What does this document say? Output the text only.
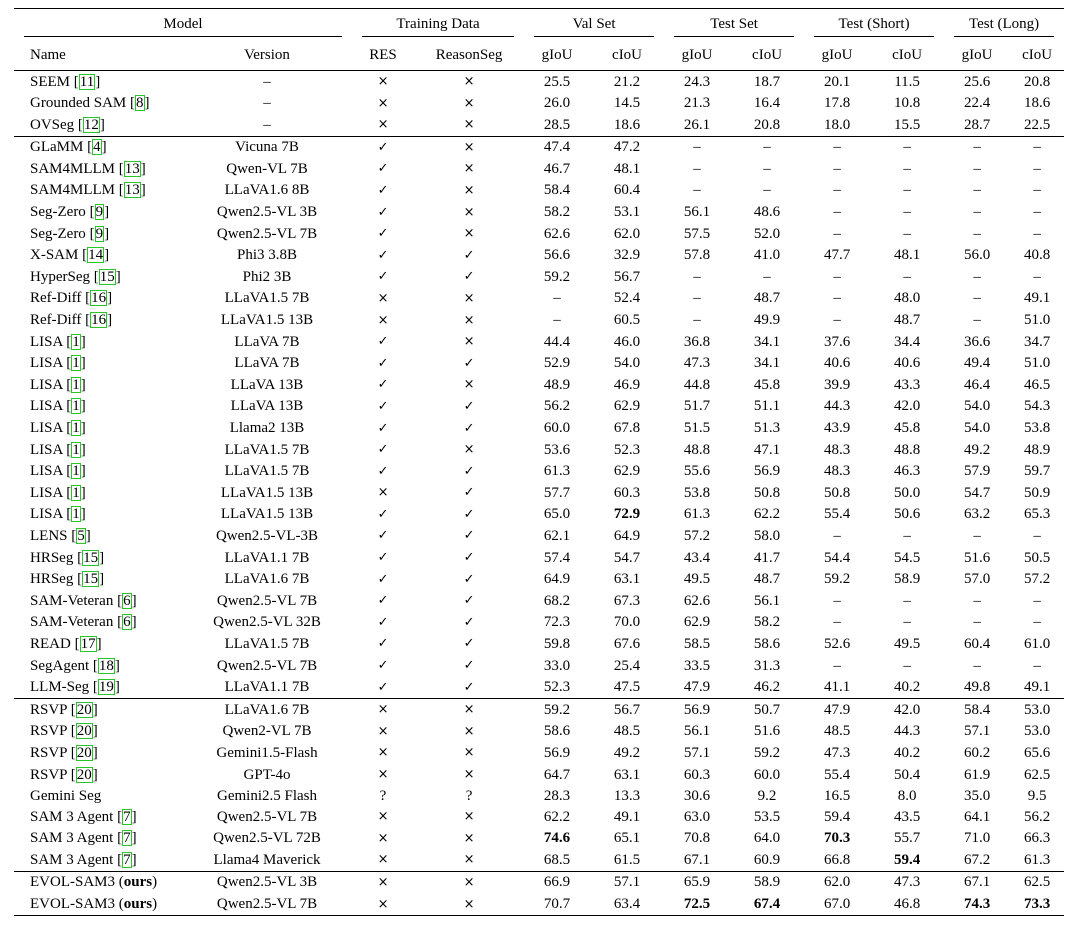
Model		Training Data		Val Set		Test Set		Test (Short)		Test (Long)	
Name	Version	RES	ReasonSeg	gIoU	cIoU	gIoU	cIoU	gIoU	cIoU	gIoU	cIoU
SEEM [11]	–	×	×	25.5	21.2	24.3	18.7	20.1	11.5	25.6	20.8
Grounded SAM [8]	–	×	×	26.0	14.5	21.3	16.4	17.8	10.8	22.4	18.6
OVSeg [12]	–	×	×	28.5	18.6	26.1	20.8	18.0	15.5	28.7	22.5
GLaMM [4]	Vicuna 7B	✓	×	47.4	47.2	–	–	–	–	–	–
SAM4MLLM [13]	Qwen-VL 7B	✓	×	46.7	48.1	–	–	–	–	–	–
SAM4MLLM [13]	LLaVA1.6 8B	✓	×	58.4	60.4	–	–	–	–	–	–
Seg-Zero [9]	Qwen2.5-VL 3B	✓	×	58.2	53.1	56.1	48.6	–	–	–	–
Seg-Zero [9]	Qwen2.5-VL 7B	✓	×	62.6	62.0	57.5	52.0	–	–	–	–
X-SAM [14]	Phi3 3.8B	✓	✓	56.6	32.9	57.8	41.0	47.7	48.1	56.0	40.8
HyperSeg [15]	Phi2 3B	✓	✓	59.2	56.7	–	–	–	–	–	–
Ref-Diff [16]	LLaVA1.5 7B	×	×	–	52.4	–	48.7	–	48.0	–	49.1
Ref-Diff [16]	LLaVA1.5 13B	×	×	–	60.5	–	49.9	–	48.7	–	51.0
LISA [1]	LLaVA 7B	✓	×	44.4	46.0	36.8	34.1	37.6	34.4	36.6	34.7
LISA [1]	LLaVA 7B	✓	✓	52.9	54.0	47.3	34.1	40.6	40.6	49.4	51.0
LISA [1]	LLaVA 13B	✓	×	48.9	46.9	44.8	45.8	39.9	43.3	46.4	46.5
LISA [1]	LLaVA 13B	✓	✓	56.2	62.9	51.7	51.1	44.3	42.0	54.0	54.3
LISA [1]	Llama2 13B	✓	✓	60.0	67.8	51.5	51.3	43.9	45.8	54.0	53.8
LISA [1]	LLaVA1.5 7B	✓	×	53.6	52.3	48.8	47.1	48.3	48.8	49.2	48.9
LISA [1]	LLaVA1.5 7B	✓	✓	61.3	62.9	55.6	56.9	48.3	46.3	57.9	59.7
LISA [1]	LLaVA1.5 13B	×	✓	57.7	60.3	53.8	50.8	50.8	50.0	54.7	50.9
LISA [1]	LLaVA1.5 13B	✓	✓	65.0	72.9	61.3	62.2	55.4	50.6	63.2	65.3
LENS [5]	Qwen2.5-VL-3B	✓	✓	62.1	64.9	57.2	58.0	–	–	–	–
HRSeg [15]	LLaVA1.1 7B	✓	✓	57.4	54.7	43.4	41.7	54.4	54.5	51.6	50.5
HRSeg [15]	LLaVA1.6 7B	✓	✓	64.9	63.1	49.5	48.7	59.2	58.9	57.0	57.2
SAM-Veteran [6]	Qwen2.5-VL 7B	✓	✓	68.2	67.3	62.6	56.1	–	–	–	–
SAM-Veteran [6]	Qwen2.5-VL 32B	✓	✓	72.3	70.0	62.9	58.2	–	–	–	–
READ [17]	LLaVA1.5 7B	✓	✓	59.8	67.6	58.5	58.6	52.6	49.5	60.4	61.0
SegAgent [18]	Qwen2.5-VL 7B	✓	✓	33.0	25.4	33.5	31.3	–	–	–	–
LLM-Seg [19]	LLaVA1.1 7B	✓	✓	52.3	47.5	47.9	46.2	41.1	40.2	49.8	49.1
RSVP [20]	LLaVA1.6 7B	×	×	59.2	56.7	56.9	50.7	47.9	42.0	58.4	53.0
RSVP [20]	Qwen2-VL 7B	×	×	58.6	48.5	56.1	51.6	48.5	44.3	57.1	53.0
RSVP [20]	Gemini1.5-Flash	×	×	56.9	49.2	57.1	59.2	47.3	40.2	60.2	65.6
RSVP [20]	GPT-4o	×	×	64.7	63.1	60.3	60.0	55.4	50.4	61.9	62.5
Gemini Seg	Gemini2.5 Flash	?	?	28.3	13.3	30.6	9.2	16.5	8.0	35.0	9.5
SAM 3 Agent [7]	Qwen2.5-VL 7B	×	×	62.2	49.1	63.0	53.5	59.4	43.5	64.1	56.2
SAM 3 Agent [7]	Qwen2.5-VL 72B	×	×	74.6	65.1	70.8	64.0	70.3	55.7	71.0	66.3
SAM 3 Agent [7]	Llama4 Maverick	×	×	68.5	61.5	67.1	60.9	66.8	59.4	67.2	61.3
EVOL-SAM3 (ours)	Qwen2.5-VL 3B	×	×	66.9	57.1	65.9	58.9	62.0	47.3	67.1	62.5
EVOL-SAM3 (ours)	Qwen2.5-VL 7B	×	×	70.7	63.4	72.5	67.4	67.0	46.8	74.3	73.3
